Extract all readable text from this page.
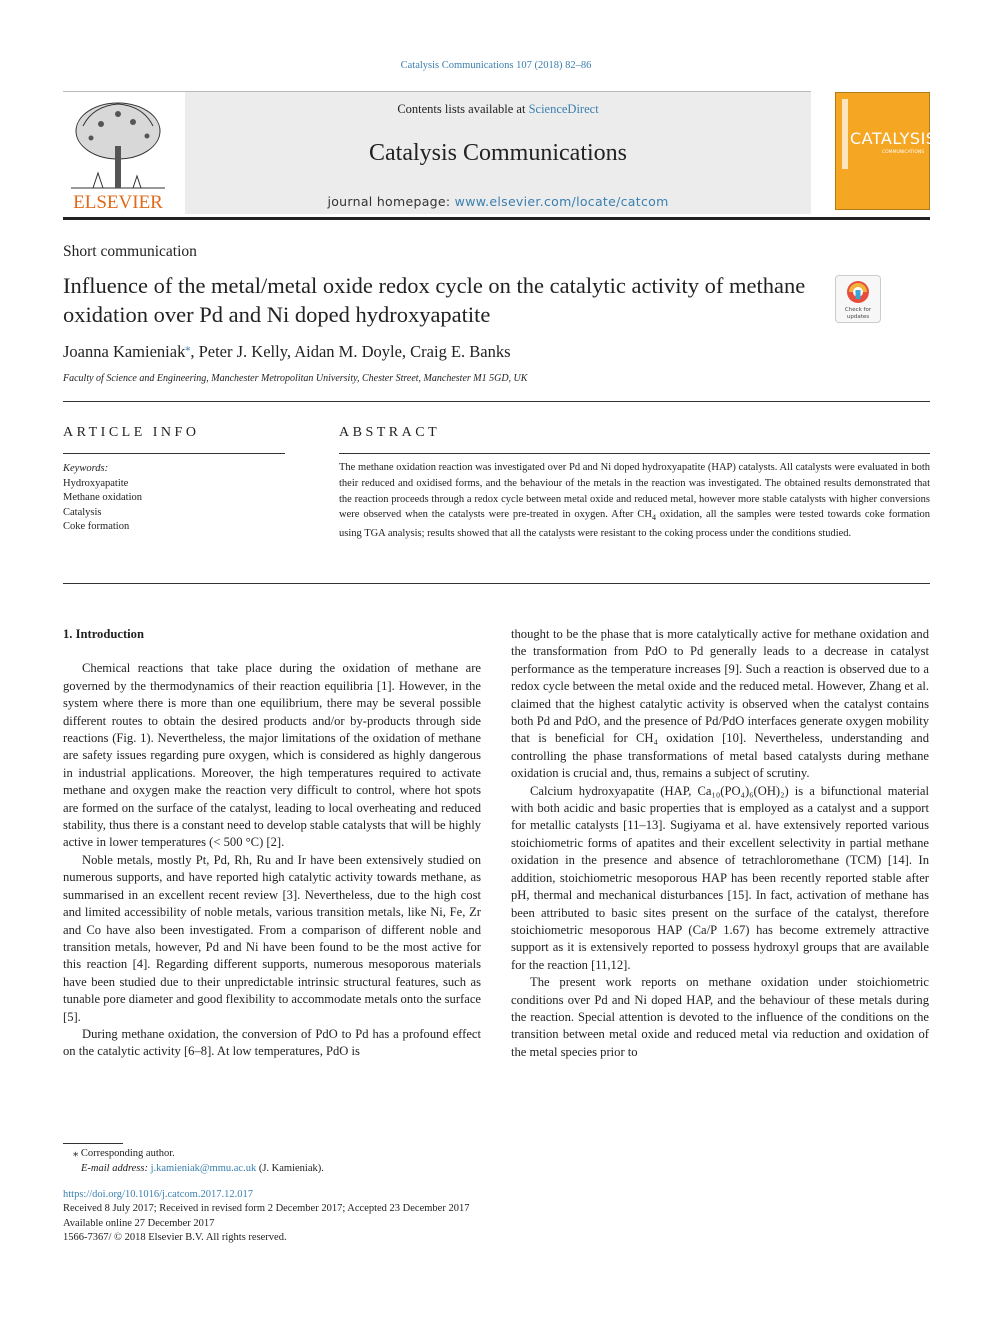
Catalysis Communications 107 (2018) 82–86
ELSEVIER
Contents lists available at ScienceDirect
Catalysis Communications
journal homepage: www.elsevier.com/locate/catcom
CATALYSIS
COMMUNICATIONS
Short communication
Influence of the metal/metal oxide redox cycle on the catalytic activity of methane oxidation over Pd and Ni doped hydroxyapatite	Check for
updates
Joanna Kamieniak⁎, Peter J. Kelly, Aidan M. Doyle, Craig E. Banks
Faculty of Science and Engineering, Manchester Metropolitan University, Chester Street, Manchester M1 5GD, UK
ARTICLE INFO
Keywords:
Hydroxyapatite
Methane oxidation
Catalysis
Coke formation
ABSTRACT
The methane oxidation reaction was investigated over Pd and Ni doped hydroxyapatite (HAP) catalysts. All catalysts were evaluated in both their reduced and oxidised forms, and the behaviour of the metals in the reaction was investigated. The obtained results demonstrated that the reaction proceeds through a redox cycle between metal oxide and reduced metal, however more stable catalysts with higher conversions were observed when the catalysts were pre-treated in oxygen. After $CH_4$ oxidation, all the samples were tested towards coke formation using TGA analysis; results showed that all the catalysts were resistant to the coking process under the conditions studied.

1. Introduction

Chemical reactions that take place during the oxidation of methane are governed by the thermodynamics of their reaction equilibria [1]. However, in the system where there is more than one equilibrium, there may be several possible different routes to obtain the desired products and/or by-products through side reactions (Fig. 1). Nevertheless, the major limitations of the oxidation of methane are safety issues regarding pure oxygen, which is considered as highly dangerous in industrial applications. Moreover, the high temperatures required to activate methane and oxygen make the reaction very difficult to control, where hot spots are formed on the surface of the catalyst, leading to local overheating and reduced stability, thus there is a constant need to develop stable catalysts that will be highly active in lower temperatures (< 500 °C) [2].

Noble metals, mostly Pt, Pd, Rh, Ru and Ir have been extensively studied on numerous supports, and have reported high catalytic activity towards methane, as summarised in an excellent recent review [3]. Nevertheless, due to the high cost and limited accessibility of noble metals, various transition metals, like Ni, Fe, Zr and Co have also been investigated. From a comparison of different noble and transition metals, however, Pd and Ni have been found to be the most active for this reaction [4]. Regarding different supports, numerous mesoporous materials have been studied due to their unpredictable intrinsic structural features, such as tunable pore diameter and good flexibility to accommodate metals onto the surface [5].

During methane oxidation, the conversion of PdO to Pd has a profound effect on the catalytic activity [6–8]. At low temperatures, PdO is

thought to be the phase that is more catalytically active for methane oxidation and the transformation from PdO to Pd generally leads to a decrease in catalyst performance as the temperature increases [9]. Such a reaction is observed due to a redox cycle between the metal oxide and the reduced metal. However, Zhang et al. claimed that the highest catalytic activity is observed when the catalyst contains both Pd and PdO, and the presence of Pd/PdO interfaces generate oxygen mobility that is beneficial for CH₄ oxidation [10]. Nevertheless, understanding and controlling the phase transformations of metal based catalysts during methane oxidation is crucial and, thus, remains a subject of scrutiny.

Calcium hydroxyapatite (HAP, Ca₁₀(PO₄)₆(OH)₂) is a bifunctional material with both acidic and basic properties that is employed as a catalyst and a support for metallic catalysts [11–13]. Sugiyama et al. have extensively reported various stoichiometric forms of apatites and their excellent selectivity in partial methane oxidation in the presence and absence of tetrachloromethane (TCM) [14]. In addition, stoichiometric mesoporous HAP has been recently reported stable after pH, thermal and mechanical disturbances [15]. In fact, activation of methane has been attributed to basic sites present on the surface of the catalyst, therefore stoichiometric mesoporous HAP (Ca/P 1.67) has become extremely attractive support as it is extensively reported to possess hydroxyl groups that are available for the reaction [11,12].

The present work reports on methane oxidation under stoichiometric conditions over Pd and Ni doped HAP, and the behaviour of these metals during the reaction. Special attention is devoted to the influence of the conditions on the transition between metal oxide and reduced metal via reduction and oxidation of the metal species prior to

⁎ Corresponding author.
E-mail address: j.kamieniak@mmu.ac.uk (J. Kamieniak).
https://doi.org/10.1016/j.catcom.2017.12.017
Received 8 July 2017; Received in revised form 2 December 2017; Accepted 23 December 2017
Available online 27 December 2017
1566-7367/ © 2018 Elsevier B.V. All rights reserved.
